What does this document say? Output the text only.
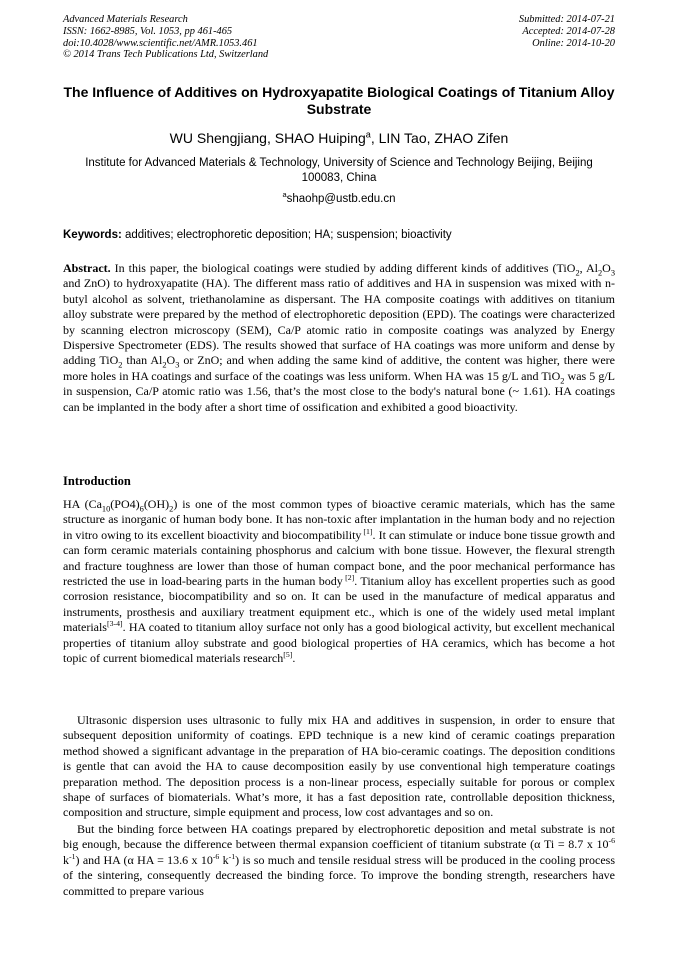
Advanced Materials Research
ISSN: 1662-8985, Vol. 1053, pp 461-465
doi:10.4028/www.scientific.net/AMR.1053.461
© 2014 Trans Tech Publications Ltd, Switzerland
Submitted: 2014-07-21
Accepted: 2014-07-28
Online: 2014-10-20
The Influence of Additives on Hydroxyapatite Biological Coatings of Titanium Alloy Substrate
WU Shengjiang, SHAO Huiping$^a$, LIN Tao, ZHAO Zifen
Institute for Advanced Materials & Technology, University of Science and Technology Beijing, Beijing 100083, China
$^a$shaohp@ustb.edu.cn
Keywords: additives; electrophoretic deposition; HA; suspension; bioactivity
Abstract. In this paper, the biological coatings were studied by adding different kinds of additives (TiO$_2$, $Al_2O_3$ and ZnO) to hydroxyapatite (HA). The different mass ratio of additives and HA in suspension was mixed with n-butyl alcohol as solvent, triethanolamine as dispersant. The HA composite coatings with additives on titanium alloy substrate were prepared by the method of electrophoretic deposition (EPD). The coatings were characterized by scanning electron microscopy (SEM), Ca/P atomic ratio in composite coatings was analyzed by Energy Dispersive Spectrometer (EDS). The results showed that surface of HA coatings was more uniform and dense by adding TiO$_2$ than $Al_2O_3$ or ZnO; and when adding the same kind of additive, the content was higher, there were more holes in HA coatings and surface of the coatings was less uniform. When HA was 15 g/L and TiO$_2$ was 5 g/L in suspension, Ca/P atomic ratio was 1.56, that’s the most close to the body's natural bone (~ 1.61). HA coatings can be implanted in the body after a short time of ossification and exhibited a good bioactivity.
Introduction
HA $(Ca_{10}(PO4)_6(OH)_2)$ is one of the most common types of bioactive ceramic materials, which has the same structure as inorganic of human body bone. It has non-toxic after implantation in the human body and no rejection in vitro owing to its excellent bioactivity and biocompatibility [1]. It can stimulate or induce bone tissue growth and can form ceramic materials containing phosphorus and calcium with bone tissue. However, the flexural strength and fracture toughness are lower than those of human compact bone, and the poor mechanical performance has restricted the use in load-bearing parts in the human body [2]. Titanium alloy has excellent properties such as good corrosion resistance, biocompatibility and so on. It can be used in the manufacture of medical apparatus and instruments, prosthesis and auxiliary treatment equipment etc., which is one of the widely used metal implant materials[3-4]. HA coated to titanium alloy surface not only has a good biological activity, but excellent mechanical properties of titanium alloy substrate and good biological properties of HA ceramics, which has become a hot topic of current biomedical materials research[5].
Ultrasonic dispersion uses ultrasonic to fully mix HA and additives in suspension, in order to ensure that subsequent deposition uniformity of coatings. EPD technique is a new kind of ceramic coatings preparation method showed a significant advantage in the preparation of HA bio-ceramic coatings. The deposition conditions is gentle that can avoid the HA to cause decomposition easily by use conventional high temperature coatings preparation method. The deposition process is a non-linear process, especially suitable for porous or complex shape of surfaces of biomaterials. What’s more, it has a fast deposition rate, controllable deposition thickness, composition and structure, simple equipment and process, low cost advantages and so on.
But the binding force between HA coatings prepared by electrophoretic deposition and metal substrate is not big enough, because the difference between thermal expansion coefficient of titanium substrate (α Ti = 8.7 x $10^{-6}$ $k^{-1}$) and HA (α HA = 13.6 x $10^{-6}$ $k^{-1}$) is so much and tensile residual stress will be produced in the cooling process of the sintering, consequently decreased the binding force. To improve the bonding strength, researchers have committed to prepare various
